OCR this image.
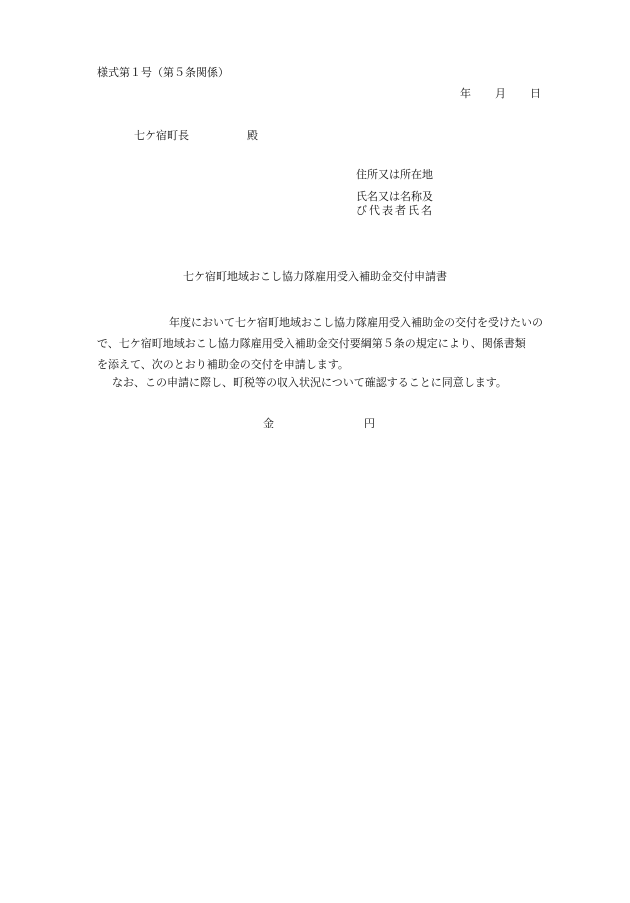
様式第１号（第５条関係）
年 月 日
七ケ宿町長	殿
住所又は所在地
氏名又は名称及
び代表者氏名
七ケ宿町地域おこし協力隊雇用受入補助金交付申請書
年度において七ケ宿町地域おこし協力隊雇用受入補助金の交付を受けたいの
で、七ケ宿町地域おこし協力隊雇用受入補助金交付要綱第５条の規定により、関係書類
を添えて、次のとおり補助金の交付を申請します。
なお、この申請に際し、町税等の収入状況について確認することに同意します。
金	円
